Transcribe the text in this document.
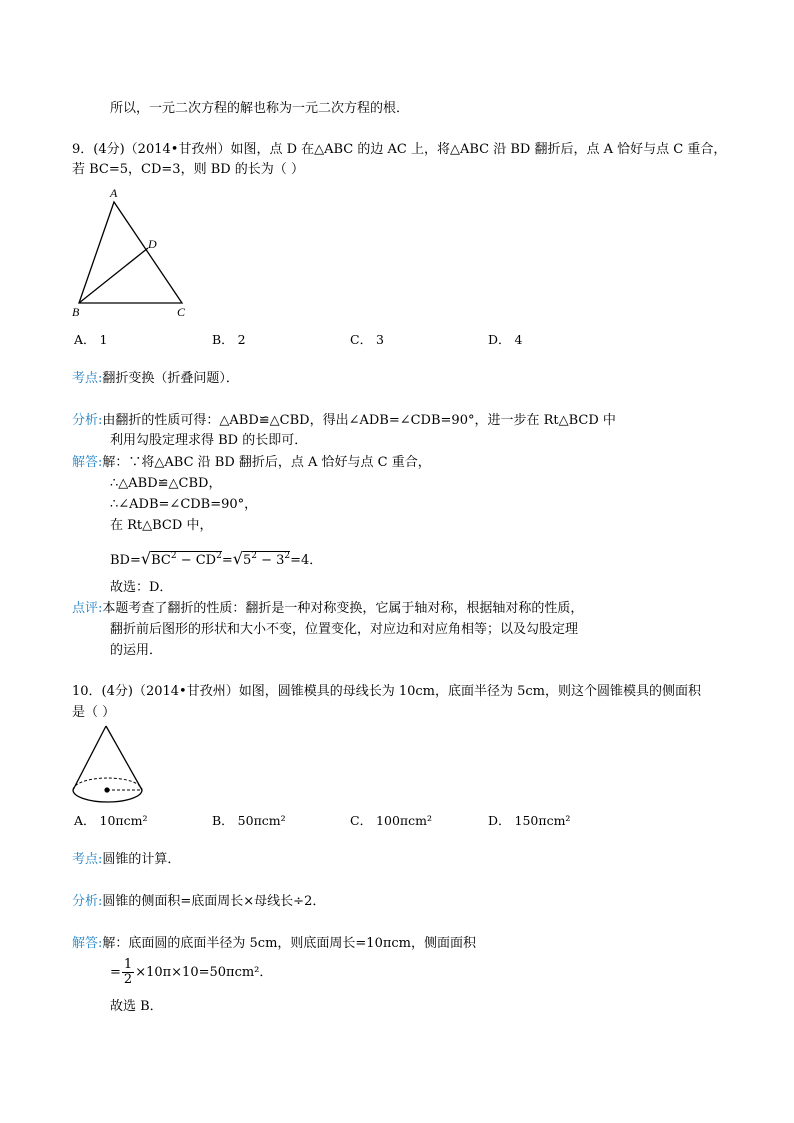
所以，一元二次方程的解也称为一元二次方程的根．
9．(4分)（2014•甘孜州）如图，点 D 在△ABC 的边 AC 上，将△ABC 沿 BD 翻折后，点 A 恰好与点 C 重合，
若 BC=5，CD=3，则 BD 的长为（ ）
A
D
B	C
A． 1	B． 2	C． 3	D． 4
考点:翻折变换（折叠问题）．
分析:由翻折的性质可得：△ABD≌△CBD，得出∠ADB=∠CDB=90°，进一步在 Rt△BCD 中
利用勾股定理求得 BD 的长即可．
解答:解：∵将△ABC 沿 BD 翻折后，点 A 恰好与点 C 重合，
∴△ABD≌△CBD，
∴∠ADB=∠CDB=90°，
在 Rt△BCD 中，
$BD=√BC^2 - CD^2=√5^2 - 3^2=4$．
故选：D．
点评:本题考查了翻折的性质：翻折是一种对称变换，它属于轴对称，根据轴对称的性质，
翻折前后图形的形状和大小不变，位置变化，对应边和对应角相等；以及勾股定理
的运用．
10．(4分)（2014•甘孜州）如图，圆锥模具的母线长为 10cm，底面半径为 5cm，则这个圆锥模具的侧面积
是（ ）
A． 10πcm²	B． 50πcm²	C． 100πcm²	D． 150πcm²
考点:圆锥的计算．
分析:圆锥的侧面积=底面周长×母线长÷2．
解答:解：底面圆的底面半径为 5cm，则底面周长=10πcm，侧面面积
= $\frac{1}{2} \times 10\pi\times 10=50\pi cm^2$．
故选 B．
